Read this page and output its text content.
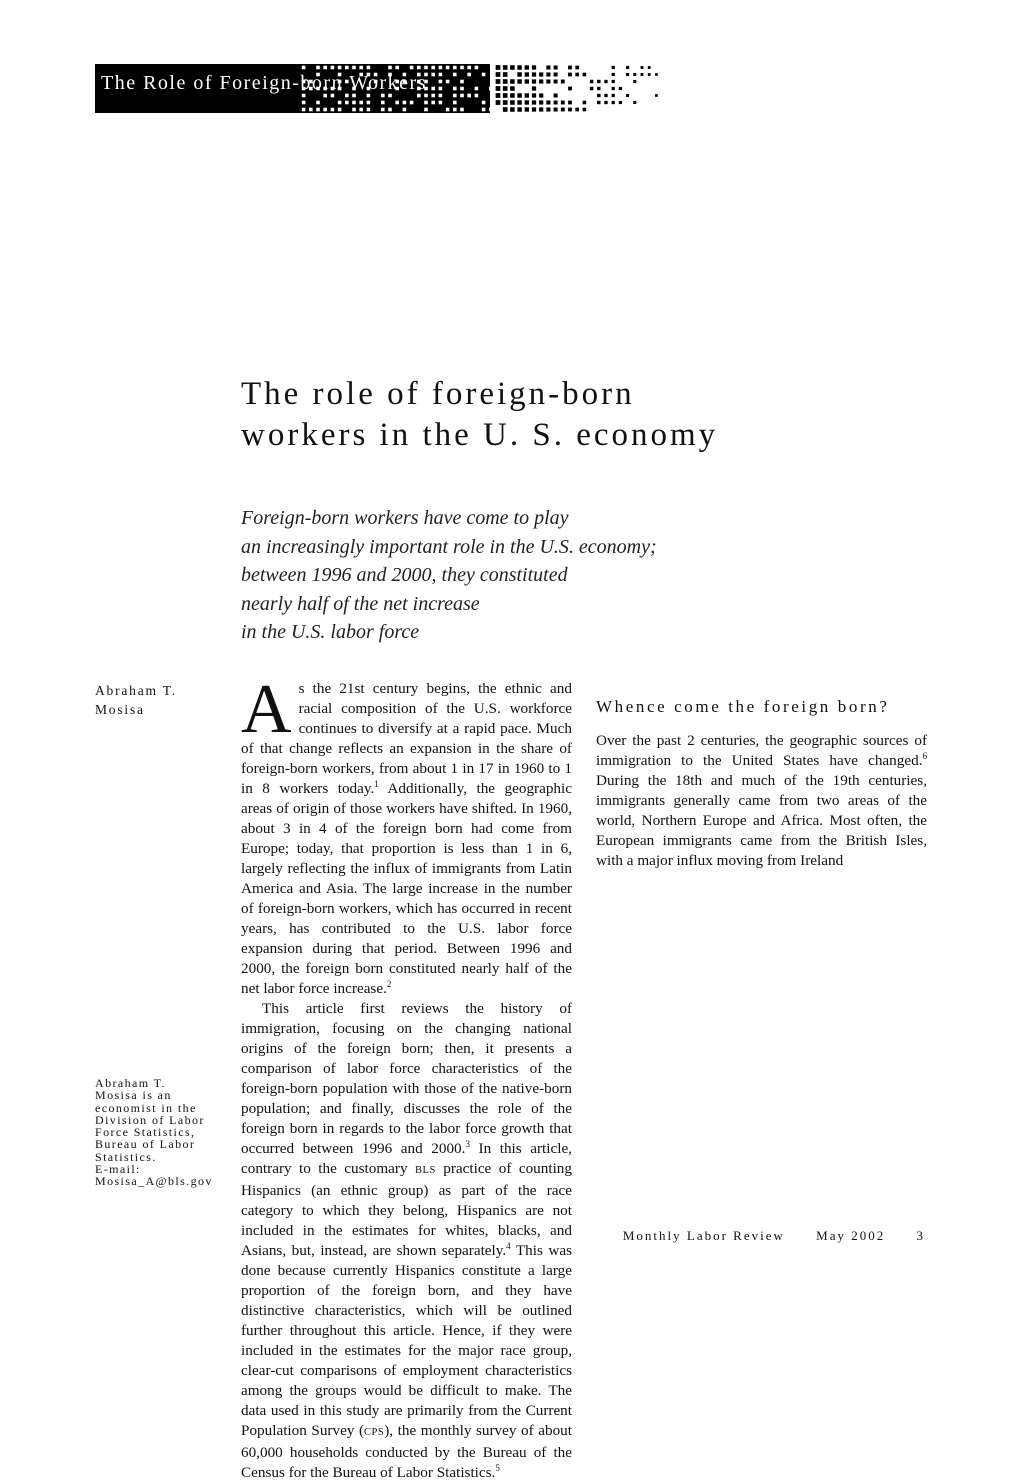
The Role of Foreign-born Workers
The role of foreign-born
workers in the U. S. economy
Foreign-born workers have come to play
an increasingly important role in the U.S. economy;
between 1996 and 2000, they constituted
nearly half of the net increase
in the U.S. labor force
Abraham T.
Mosisa
Abraham T.
Mosisa is an
economist in the
Division of Labor
Force Statistics,
Bureau of Labor
Statistics.
E-mail:
Mosisa_A@bls.gov

As the 21st century begins, the ethnic and racial composition of the U.S. workforce continues to diversify at a rapid pace. Much of that change reflects an expansion in the share of foreign-born workers, from about 1 in 17 in 1960 to 1 in 8 workers today.$^1$ Additionally, the geographic areas of origin of those workers have shifted. In 1960, about 3 in 4 of the foreign born had come from Europe; today, that proportion is less than 1 in 6, largely reflecting the influx of immigrants from Latin America and Asia. The large increase in the number of foreign-born workers, which has occurred in recent years, has contributed to the U.S. labor force expansion during that period. Between 1996 and 2000, the foreign born constituted nearly half of the net labor force increase.$^2$

This article first reviews the history of immigration, focusing on the changing national origins of the foreign born; then, it presents a comparison of labor force characteristics of the foreign-born population with those of the native-born population; and finally, discusses the role of the foreign born in regards to the labor force growth that occurred between 1996 and 2000.$^3$ In this article, contrary to the customary BLS practice of counting Hispanics (an ethnic group) as part of the race category to which they belong, Hispanics are not included in the estimates for whites, blacks, and Asians, but, instead, are shown separately.$^4$ This was done because currently Hispanics constitute a large proportion of the foreign born, and they have distinctive characteristics, which will be outlined further throughout this article. Hence, if they were included in the estimates for the major race group, clear-cut comparisons of employment characteristics among the groups would be difficult to make. The data used in this study are primarily from the Current Population Survey (CPS), the monthly survey of about 60,000 households conducted by the Bureau of the Census for the Bureau of Labor Statistics.$^5$

Whence come the foreign born?

Over the past 2 centuries, the geographic sources of immigration to the United States have changed.$^6$ During the 18th and much of the 19th centuries, immigrants generally came from two areas of the world, Northern Europe and Africa. Most often, the European immigrants came from the British Isles, with a major influx moving from Ireland

Monthly Labor Review May 2002 3
